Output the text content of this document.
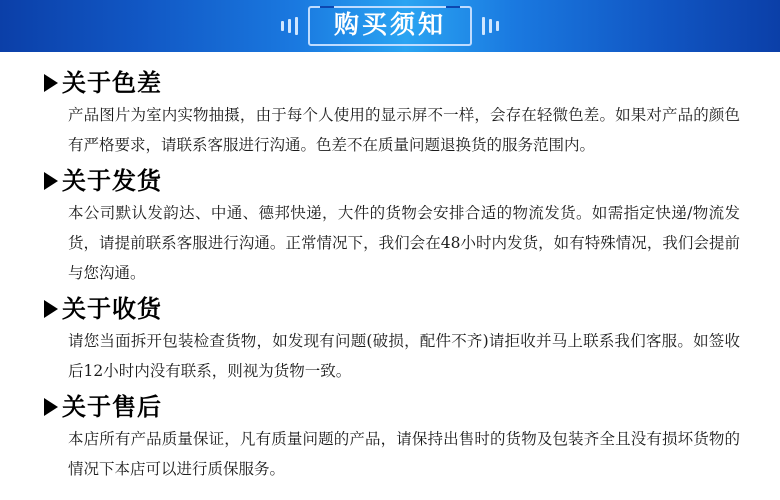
购买须知
关于色差

产品图片为室内实物抽摄，由于每个人使用的显示屏不一样，会存在轻微色差。如果对产品的颜色有严格要求，请联系客服进行沟通。色差不在质量问题退换货的服务范围内。

关于发货

本公司默认发韵达、中通、德邦快递，大件的货物会安排合适的物流发货。如需指定快递/物流发货，请提前联系客服进行沟通。正常情况下，我们会在48小时内发货，如有特殊情况，我们会提前与您沟通。

关于收货

请您当面拆开包装检查货物，如发现有问题(破损，配件不齐)请拒收并马上联系我们客服。如签收后12小时内没有联系，则视为货物一致。

关于售后

本店所有产品质量保证，凡有质量问题的产品，请保持出售时的货物及包装齐全且没有损坏货物的情况下本店可以进行质保服务。
